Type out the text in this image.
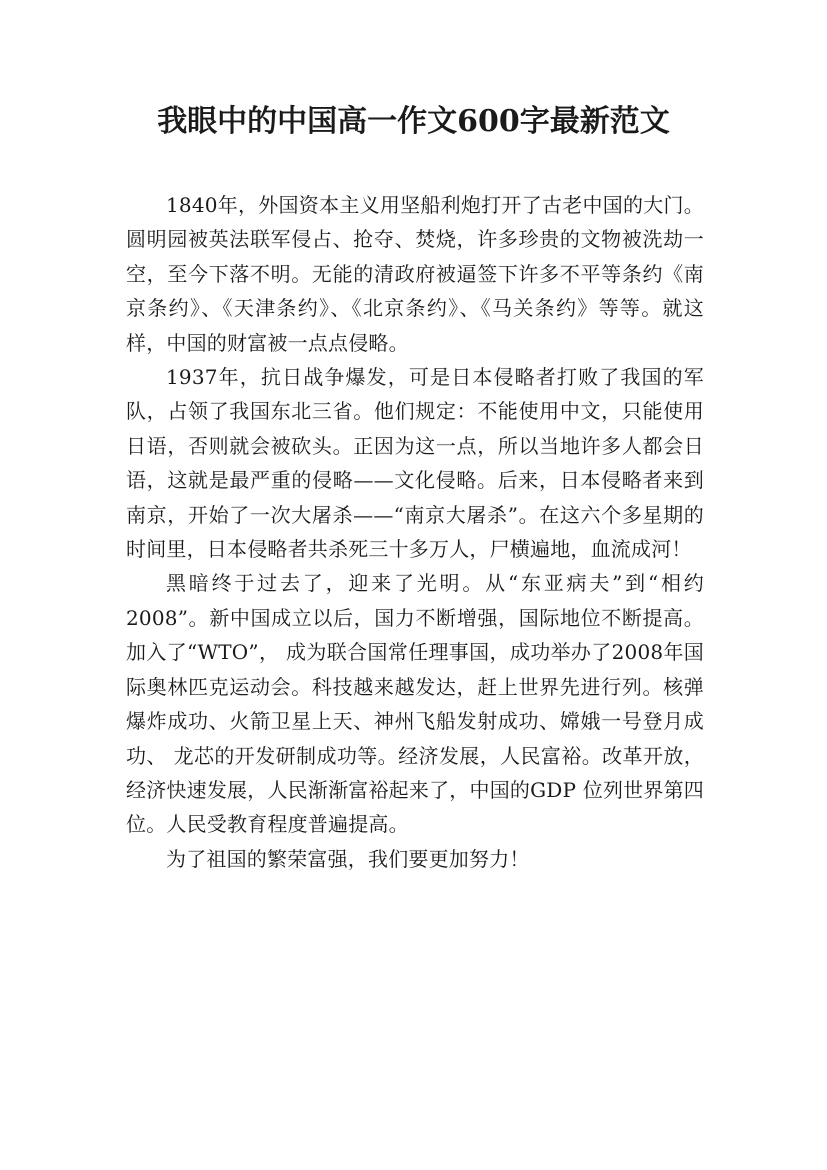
我眼中的中国高一作文600字最新范文

1840年，外国资本主义用坚船利炮打开了古老中国的大门。圆明园被英法联军侵占、抢夺、焚烧，许多珍贵的文物被洗劫一空，至今下落不明。无能的清政府被逼签下许多不平等条约《南京条约》、《天津条约》、《北京条约》、《马关条约》等等。就这样，中国的财富被一点点侵略。

1937年，抗日战争爆发，可是日本侵略者打败了我国的军队，占领了我国东北三省。他们规定：不能使用中文，只能使用日语，否则就会被砍头。正因为这一点，所以当地许多人都会日语，这就是最严重的侵略——文化侵略。后来，日本侵略者来到南京，开始了一次大屠杀——“南京大屠杀”。在这六个多星期的时间里，日本侵略者共杀死三十多万人，尸横遍地，血流成河！

黑暗终于过去了，迎来了光明。从“东亚病夫”到“相约2008”。新中国成立以后，国力不断增强，国际地位不断提高。加入了“WTO”， 成为联合国常任理事国，成功举办了2008年国际奥林匹克运动会。科技越来越发达，赶上世界先进行列。核弹爆炸成功、火箭卫星上天、神州飞船发射成功、嫦娥一号登月成功、 龙芯的开发研制成功等。经济发展，人民富裕。改革开放，经济快速发展，人民渐渐富裕起来了，中国的GDP 位列世界第四位。人民受教育程度普遍提高。

为了祖国的繁荣富强，我们要更加努力！
